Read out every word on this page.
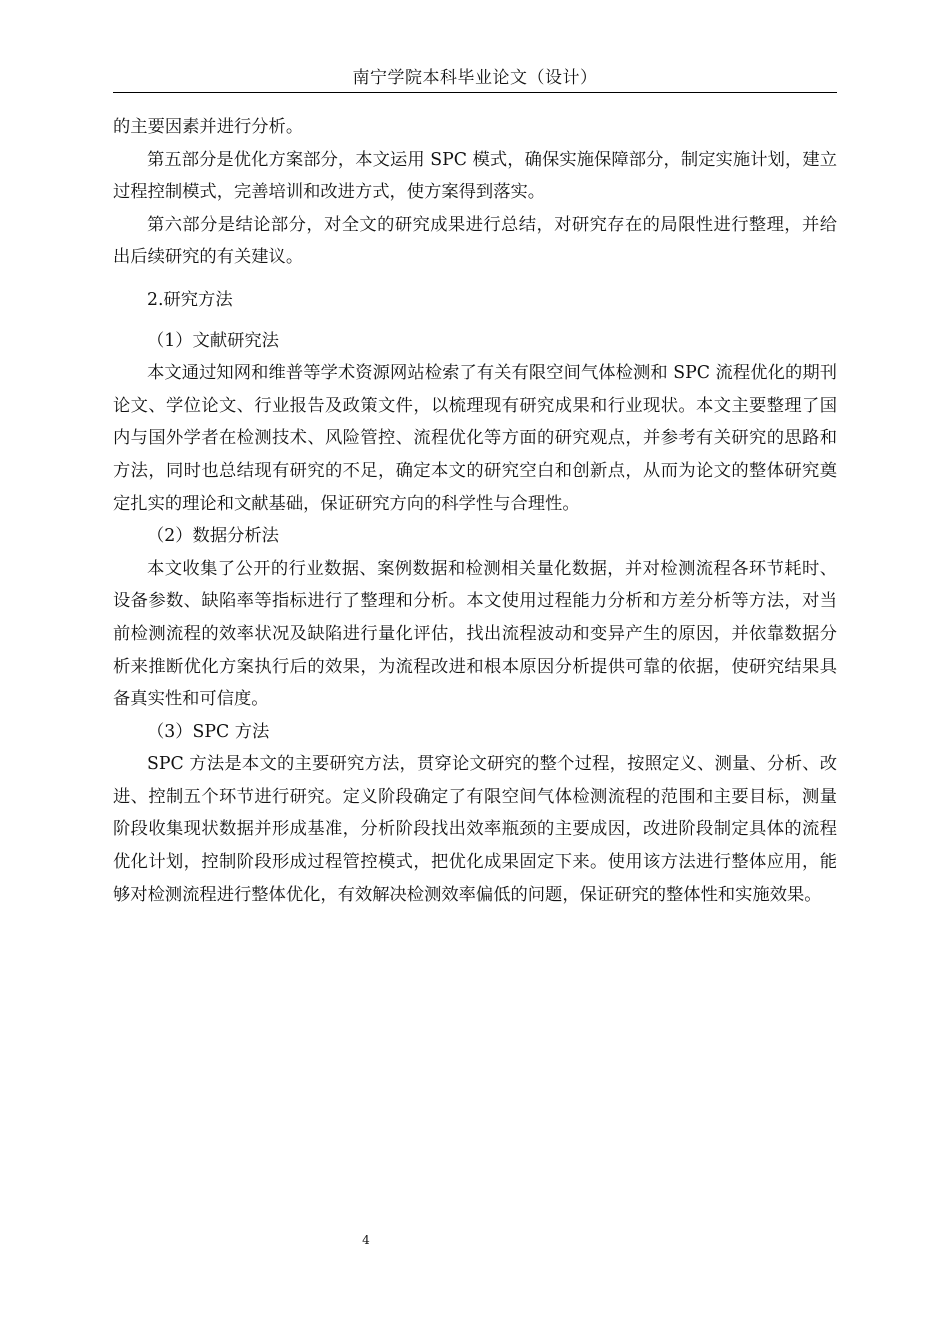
南宁学院本科毕业论文（设计）

的主要因素并进行分析。

第五部分是优化方案部分，本文运用 SPC 模式，确保实施保障部分，制定实施计划，建立过程控制模式，完善培训和改进方式，使方案得到落实。

第六部分是结论部分，对全文的研究成果进行总结，对研究存在的局限性进行整理，并给出后续研究的有关建议。

2.研究方法
（1）文献研究法

本文通过知网和维普等学术资源网站检索了有关有限空间气体检测和 SPC 流程优化的期刊论文、学位论文、行业报告及政策文件，以梳理现有研究成果和行业现状。本文主要整理了国内与国外学者在检测技术、风险管控、流程优化等方面的研究观点，并参考有关研究的思路和方法，同时也总结现有研究的不足，确定本文的研究空白和创新点，从而为论文的整体研究奠定扎实的理论和文献基础，保证研究方向的科学性与合理性。

（2）数据分析法

本文收集了公开的行业数据、案例数据和检测相关量化数据，并对检测流程各环节耗时、设备参数、缺陷率等指标进行了整理和分析。本文使用过程能力分析和方差分析等方法，对当前检测流程的效率状况及缺陷进行量化评估，找出流程波动和变异产生的原因，并依靠数据分析来推断优化方案执行后的效果，为流程改进和根本原因分析提供可靠的依据，使研究结果具备真实性和可信度。

（3）SPC 方法

SPC 方法是本文的主要研究方法，贯穿论文研究的整个过程，按照定义、测量、分析、改进、控制五个环节进行研究。定义阶段确定了有限空间气体检测流程的范围和主要目标，测量阶段收集现状数据并形成基准，分析阶段找出效率瓶颈的主要成因，改进阶段制定具体的流程优化计划，控制阶段形成过程管控模式，把优化成果固定下来。使用该方法进行整体应用，能够对检测流程进行整体优化，有效解决检测效率偏低的问题，保证研究的整体性和实施效果。

4
